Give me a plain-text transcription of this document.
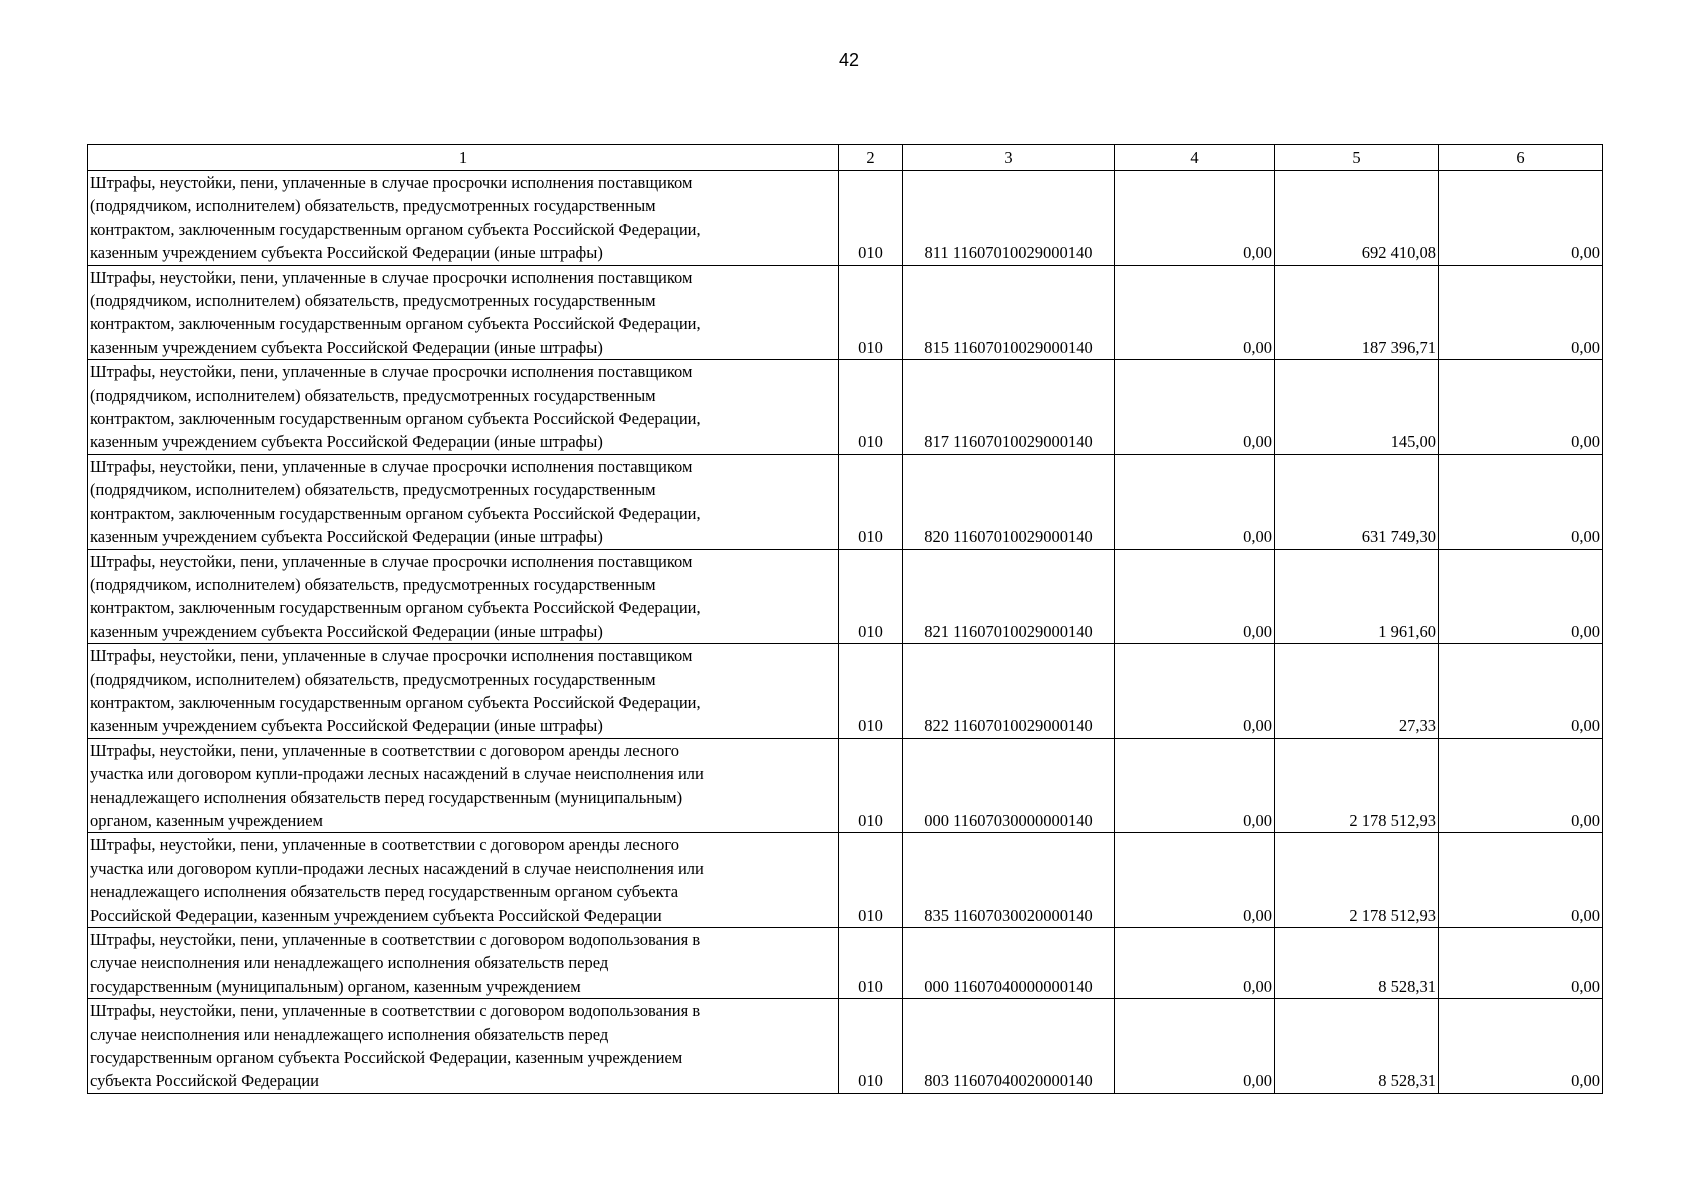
42
1	2	3	4	5	6

Штрафы, неустойки, пени, уплаченные в случае просрочки исполнения поставщиком
(подрядчиком, исполнителем) обязательств, предусмотренных государственным
контрактом, заключенным государственным органом субъекта Российской Федерации,
казенным учреждением субъекта Российской Федерации (иные штрафы)	010	811 11607010029000140	0,00	692 410,08	0,00

Штрафы, неустойки, пени, уплаченные в случае просрочки исполнения поставщиком
(подрядчиком, исполнителем) обязательств, предусмотренных государственным
контрактом, заключенным государственным органом субъекта Российской Федерации,
казенным учреждением субъекта Российской Федерации (иные штрафы)	010	815 11607010029000140	0,00	187 396,71	0,00

Штрафы, неустойки, пени, уплаченные в случае просрочки исполнения поставщиком
(подрядчиком, исполнителем) обязательств, предусмотренных государственным
контрактом, заключенным государственным органом субъекта Российской Федерации,
казенным учреждением субъекта Российской Федерации (иные штрафы)	010	817 11607010029000140	0,00	145,00	0,00

Штрафы, неустойки, пени, уплаченные в случае просрочки исполнения поставщиком
(подрядчиком, исполнителем) обязательств, предусмотренных государственным
контрактом, заключенным государственным органом субъекта Российской Федерации,
казенным учреждением субъекта Российской Федерации (иные штрафы)	010	820 11607010029000140	0,00	631 749,30	0,00

Штрафы, неустойки, пени, уплаченные в случае просрочки исполнения поставщиком
(подрядчиком, исполнителем) обязательств, предусмотренных государственным
контрактом, заключенным государственным органом субъекта Российской Федерации,
казенным учреждением субъекта Российской Федерации (иные штрафы)	010	821 11607010029000140	0,00	1 961,60	0,00

Штрафы, неустойки, пени, уплаченные в случае просрочки исполнения поставщиком
(подрядчиком, исполнителем) обязательств, предусмотренных государственным
контрактом, заключенным государственным органом субъекта Российской Федерации,
казенным учреждением субъекта Российской Федерации (иные штрафы)	010	822 11607010029000140	0,00	27,33	0,00

Штрафы, неустойки, пени, уплаченные в соответствии с договором аренды лесного
участка или договором купли-продажи лесных насаждений в случае неисполнения или
ненадлежащего исполнения обязательств перед государственным (муниципальным)
органом, казенным учреждением	010	000 11607030000000140	0,00	2 178 512,93	0,00

Штрафы, неустойки, пени, уплаченные в соответствии с договором аренды лесного
участка или договором купли-продажи лесных насаждений в случае неисполнения или
ненадлежащего исполнения обязательств перед государственным органом субъекта
Российской Федерации, казенным учреждением субъекта Российской Федерации	010	835 11607030020000140	0,00	2 178 512,93	0,00

Штрафы, неустойки, пени, уплаченные в соответствии с договором водопользования в
случае неисполнения или ненадлежащего исполнения обязательств перед
государственным (муниципальным) органом, казенным учреждением	010	000 11607040000000140	0,00	8 528,31	0,00

Штрафы, неустойки, пени, уплаченные в соответствии с договором водопользования в
случае неисполнения или ненадлежащего исполнения обязательств перед
государственным органом субъекта Российской Федерации, казенным учреждением
субъекта Российской Федерации	010	803 11607040020000140	0,00	8 528,31	0,00
